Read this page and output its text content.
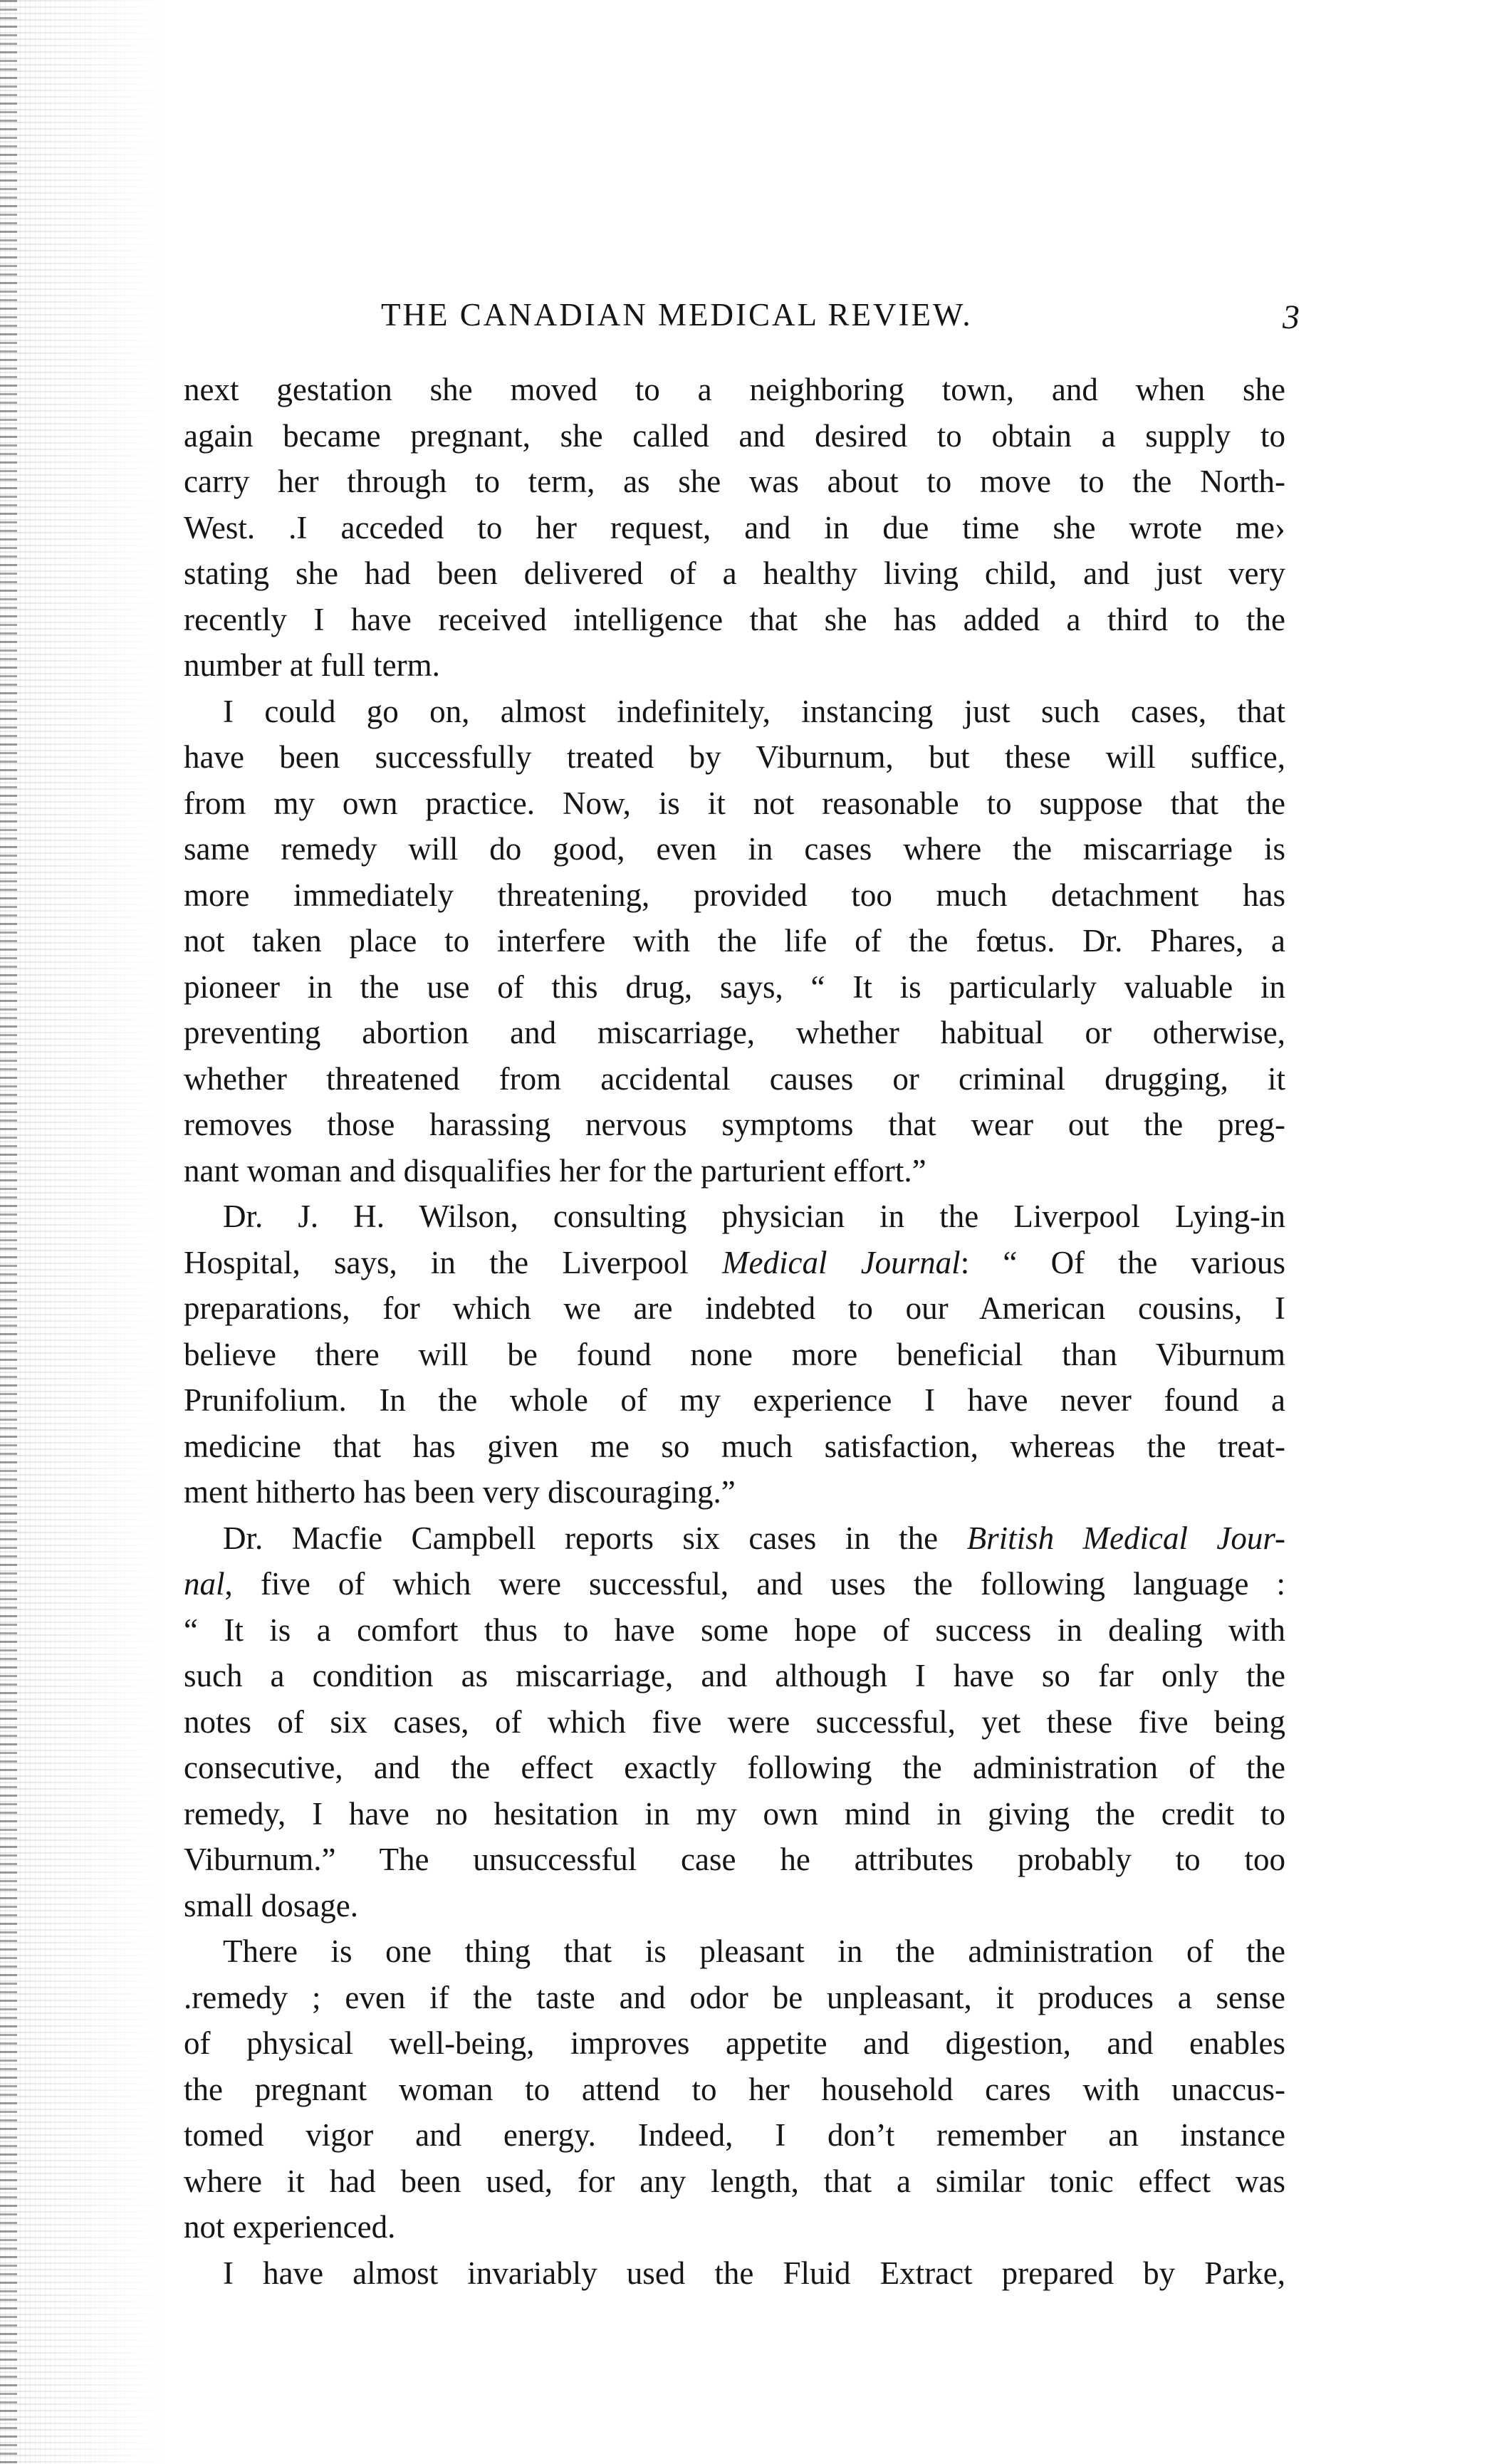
THE CANADIAN MEDICAL REVIEW.	3
next gestation she moved to a neighboring town, and when she
again became pregnant, she called and desired to obtain a supply to
carry her through to term, as she was about to move to the North-
West. .I acceded to her request, and in due time she wrote me›
stating she had been delivered of a healthy living child, and just very
recently I have received intelligence that she has added a third to the
number at full term.
I could go on, almost indefinitely, instancing just such cases, that
have been successfully treated by Viburnum, but these will suffice,
from my own practice. Now, is it not reasonable to suppose that the
same remedy will do good, even in cases where the miscarriage is
more immediately threatening, provided too much detachment has
not taken place to interfere with the life of the fœtus. Dr. Phares, a
pioneer in the use of this drug, says, “ It is particularly valuable in
preventing abortion and miscarriage, whether habitual or otherwise,
whether threatened from accidental causes or criminal drugging, it
removes those harassing nervous symptoms that wear out the preg-
nant woman and disqualifies her for the parturient effort.”
Dr. J. H. Wilson, consulting physician in the Liverpool Lying-in
Hospital, says, in the Liverpool Medical Journal: “ Of the various
preparations, for which we are indebted to our American cousins, I
believe there will be found none more beneficial than Viburnum
Prunifolium. In the whole of my experience I have never found a
medicine that has given me so much satisfaction, whereas the treat-
ment hitherto has been very discouraging.”
Dr. Macfie Campbell reports six cases in the British Medical Jour-
nal, five of which were successful, and uses the following language :
“ It is a comfort thus to have some hope of success in dealing with
such a condition as miscarriage, and although I have so far only the
notes of six cases, of which five were successful, yet these five being
consecutive, and the effect exactly following the administration of the
remedy, I have no hesitation in my own mind in giving the credit to
Viburnum.” The unsuccessful case he attributes probably to too
small dosage.
There is one thing that is pleasant in the administration of the
.remedy ; even if the taste and odor be unpleasant, it produces a sense
of physical well-being, improves appetite and digestion, and enables
the pregnant woman to attend to her household cares with unaccus-
tomed vigor and energy. Indeed, I don’t remember an instance
where it had been used, for any length, that a similar tonic effect was
not experienced.
I have almost invariably used the Fluid Extract prepared by Parke,
